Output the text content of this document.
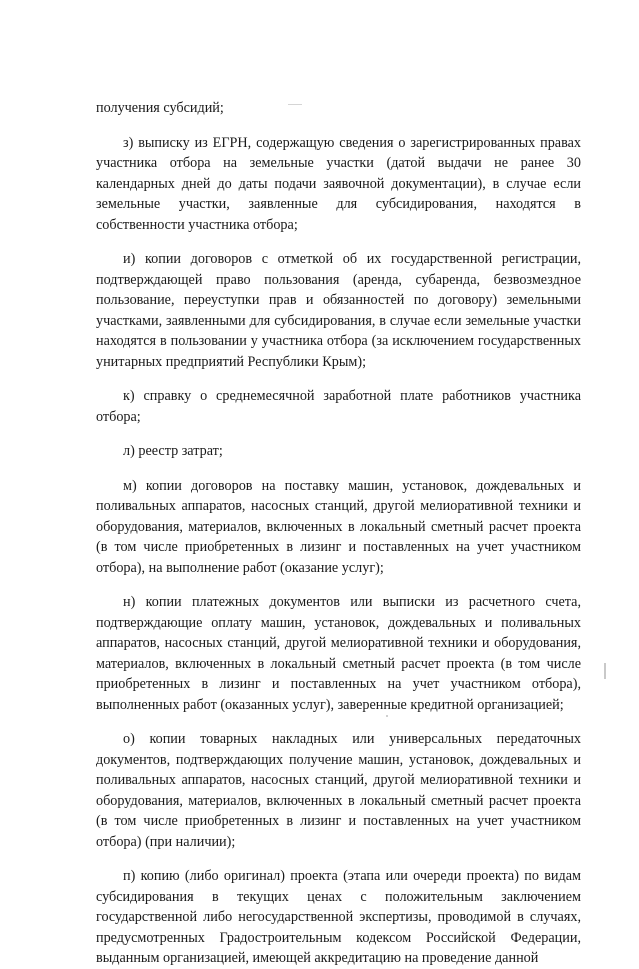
получения субсидий;

з) выписку из ЕГРН, содержащую сведения о зарегистрированных правах участника отбора на земельные участки (датой выдачи не ранее 30 календарных дней до даты подачи заявочной документации), в случае если земельные участки, заявленные для субсидирования, находятся в собственности участника отбора;

и) копии договоров с отметкой об их государственной регистрации, подтверждающей право пользования (аренда, субаренда, безвозмездное пользование, переуступки прав и обязанностей по договору) земельными участками, заявленными для субсидирования, в случае если земельные участки находятся в пользовании у участника отбора (за исключением государственных унитарных предприятий Республики Крым);

к) справку о среднемесячной заработной плате работников участника отбора;

л) реестр затрат;

м) копии договоров на поставку машин, установок, дождевальных и поливальных аппаратов, насосных станций, другой мелиоративной техники и оборудования, материалов, включенных в локальный сметный расчет проекта (в том числе приобретенных в лизинг и поставленных на учет участником отбора), на выполнение работ (оказание услуг);

н) копии платежных документов или выписки из расчетного счета, подтверждающие оплату машин, установок, дождевальных и поливальных аппаратов, насосных станций, другой мелиоративной техники и оборудования, материалов, включенных в локальный сметный расчет проекта (в том числе приобретенных в лизинг и поставленных на учет участником отбора), выполненных работ (оказанных услуг), заверенные кредитной организацией;

о) копии товарных накладных или универсальных передаточных документов, подтверждающих получение машин, установок, дождевальных и поливальных аппаратов, насосных станций, другой мелиоративной техники и оборудования, материалов, включенных в локальный сметный расчет проекта (в том числе приобретенных в лизинг и поставленных на учет участником отбора) (при наличии);

п) копию (либо оригинал) проекта (этапа или очереди проекта) по видам субсидирования в текущих ценах с положительным заключением государственной либо негосударственной экспертизы, проводимой в случаях, предусмотренных Градостроительным кодексом Российской Федерации, выданным организацией, имеющей аккредитацию на проведение данной
